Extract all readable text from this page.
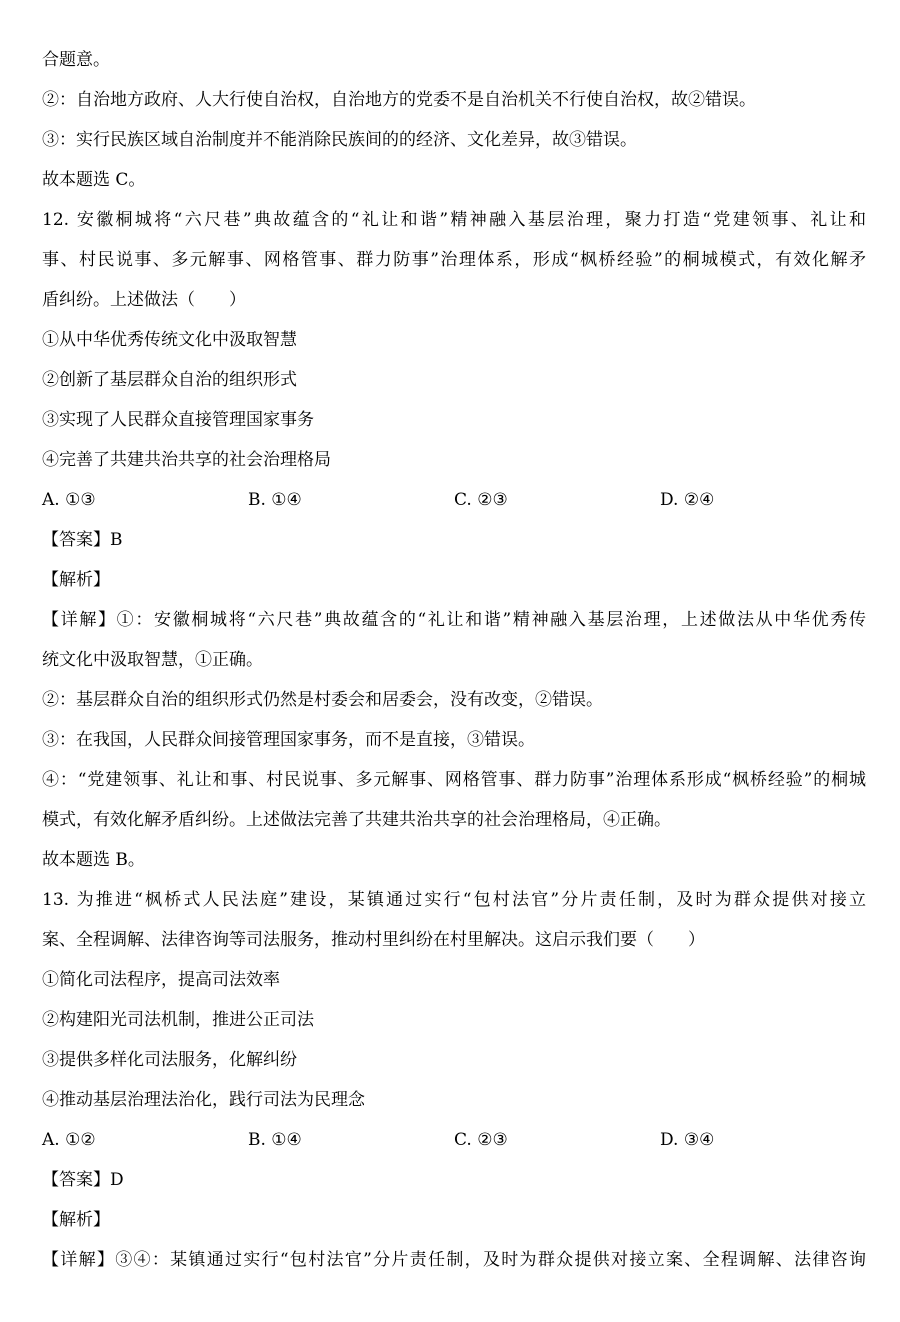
合题意。
②：自治地方政府、人大行使自治权，自治地方的党委不是自治机关不行使自治权，故②错误。
③：实行民族区域自治制度并不能消除民族间的的经济、文化差异，故③错误。
故本题选 C。
12. 安徽桐城将“六尺巷”典故蕴含的“礼让和谐”精神融入基层治理，聚力打造“党建领事、礼让和
事、村民说事、多元解事、网格管事、群力防事”治理体系，形成“枫桥经验”的桐城模式，有效化解矛
盾纠纷。上述做法（　　）
①从中华优秀传统文化中汲取智慧
②创新了基层群众自治的组织形式
③实现了人民群众直接管理国家事务
④完善了共建共治共享的社会治理格局
A. ①③	B. ①④	C. ②③	D. ②④
【答案】B
【解析】
【详解】①：安徽桐城将“六尺巷”典故蕴含的“礼让和谐”精神融入基层治理，上述做法从中华优秀传
统文化中汲取智慧，①正确。
②：基层群众自治的组织形式仍然是村委会和居委会，没有改变，②错误。
③：在我国，人民群众间接管理国家事务，而不是直接，③错误。
④：“党建领事、礼让和事、村民说事、多元解事、网格管事、群力防事”治理体系形成“枫桥经验”的桐城
模式，有效化解矛盾纠纷。上述做法完善了共建共治共享的社会治理格局，④正确。
故本题选 B。
13. 为推进“枫桥式人民法庭”建设，某镇通过实行“包村法官”分片责任制，及时为群众提供对接立
案、全程调解、法律咨询等司法服务，推动村里纠纷在村里解决。这启示我们要（　　）
①简化司法程序，提高司法效率
②构建阳光司法机制，推进公正司法
③提供多样化司法服务，化解纠纷
④推动基层治理法治化，践行司法为民理念
A. ①②	B. ①④	C. ②③	D. ③④
【答案】D
【解析】
【详解】③④：某镇通过实行“包村法官”分片责任制，及时为群众提供对接立案、全程调解、法律咨询
